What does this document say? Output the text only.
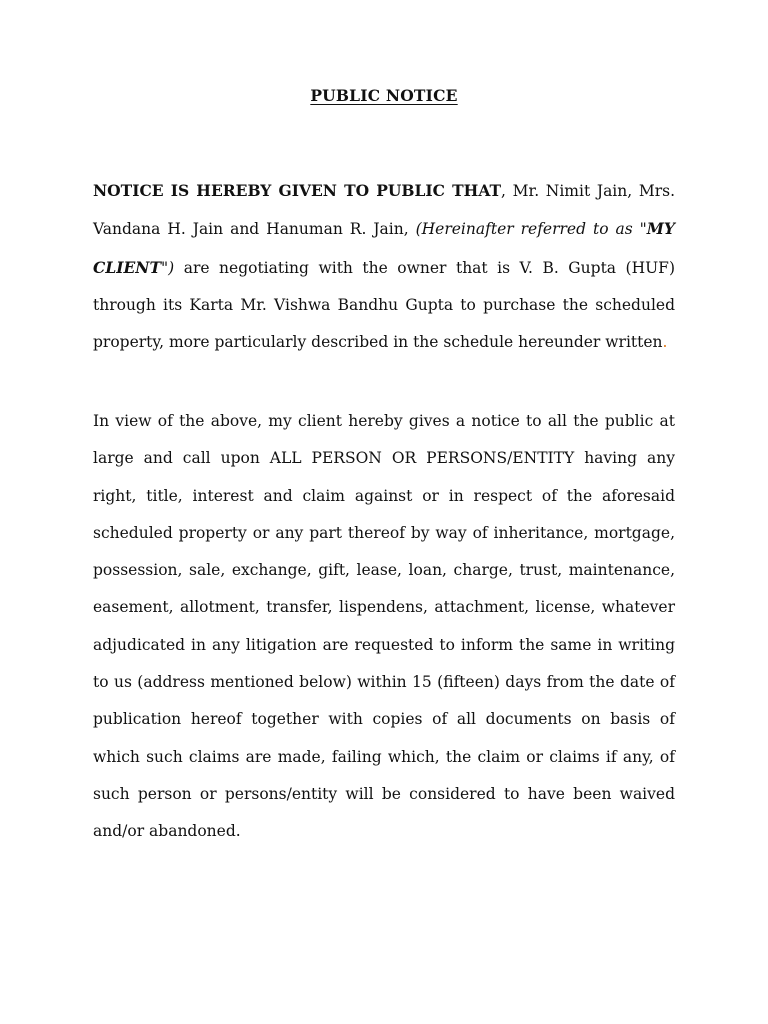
PUBLIC NOTICE

NOTICE IS HEREBY GIVEN TO PUBLIC THAT, Mr. Nimit Jain, Mrs. Vandana H. Jain and Hanuman R. Jain, (Hereinafter referred to as "MY CLIENT") are negotiating with the owner that is V. B. Gupta (HUF) through its Karta Mr. Vishwa Bandhu Gupta to purchase the scheduled property, more particularly described in the schedule hereunder written.

In view of the above, my client hereby gives a notice to all the public at large and call upon ALL PERSON OR PERSONS/ENTITY having any right, title, interest and claim against or in respect of the aforesaid scheduled property or any part thereof by way of inheritance, mortgage, possession, sale, exchange, gift, lease, loan, charge, trust, maintenance, easement, allotment, transfer, lispendens, attachment, license, whatever adjudicated in any litigation are requested to inform the same in writing to us (address mentioned below) within 15 (fifteen) days from the date of publication hereof together with copies of all documents on basis of which such claims are made, failing which, the claim or claims if any, of such person or persons/entity will be considered to have been waived and/or abandoned.
